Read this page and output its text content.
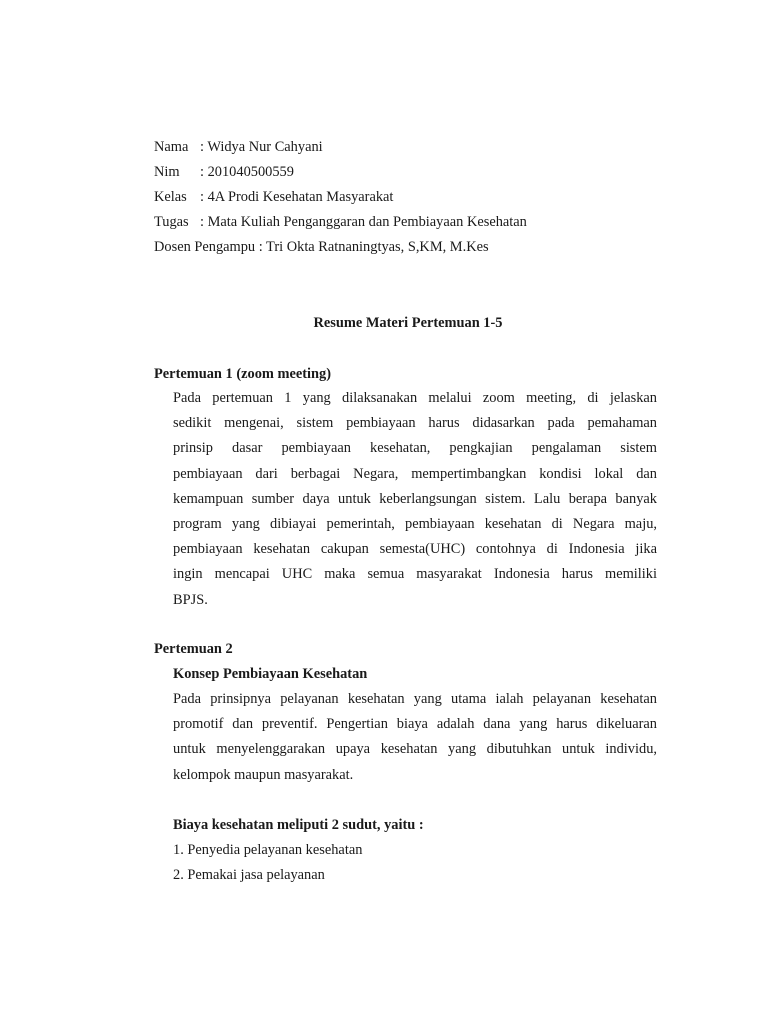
Nama : Widya Nur Cahyani
Nim : 201040500559
Kelas : 4A Prodi Kesehatan Masyarakat
Tugas : Mata Kuliah Penganggaran dan Pembiayaan Kesehatan
Dosen Pengampu : Tri Okta Ratnaningtyas, S,KM, M.Kes
Resume Materi Pertemuan 1-5
Pertemuan 1 (zoom meeting)
Pada pertemuan 1 yang dilaksanakan melalui zoom meeting, di jelaskan
sedikit mengenai, sistem pembiayaan harus didasarkan pada pemahaman
prinsip dasar pembiayaan kesehatan, pengkajian pengalaman sistem
pembiayaan dari berbagai Negara, mempertimbangkan kondisi lokal dan
kemampuan sumber daya untuk keberlangsungan sistem. Lalu berapa banyak
program yang dibiayai pemerintah, pembiayaan kesehatan di Negara maju,
pembiayaan kesehatan cakupan semesta(UHC) contohnya di Indonesia jika
ingin mencapai UHC maka semua masyarakat Indonesia harus memiliki
BPJS.
Pertemuan 2
Konsep Pembiayaan Kesehatan
Pada prinsipnya pelayanan kesehatan yang utama ialah pelayanan kesehatan
promotif dan preventif. Pengertian biaya adalah dana yang harus dikeluaran
untuk menyelenggarakan upaya kesehatan yang dibutuhkan untuk individu,
kelompok maupun masyarakat.
Biaya kesehatan meliputi 2 sudut, yaitu :
1. Penyedia pelayanan kesehatan
2. Pemakai jasa pelayanan
